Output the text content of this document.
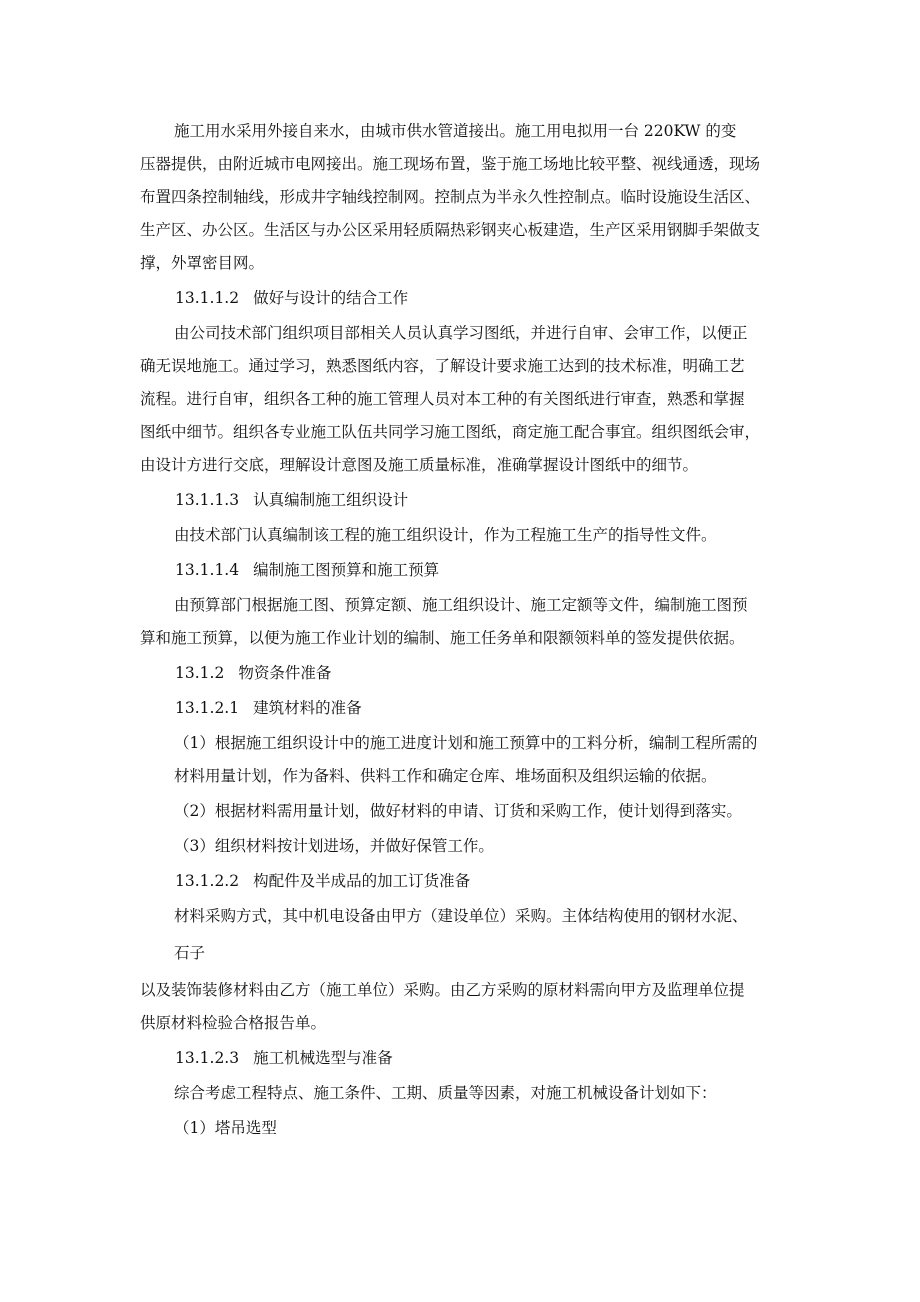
施工用水采用外接自来水，由城市供水管道接出。施工用电拟用一台 220KW 的变
压器提供，由附近城市电网接出。施工现场布置，鉴于施工场地比较平整、视线通透，现场
布置四条控制轴线，形成井字轴线控制网。控制点为半永久性控制点。临时设施设生活区、
生产区、办公区。生活区与办公区采用轻质隔热彩钢夹心板建造，生产区采用钢脚手架做支
撑，外罩密目网。
13.1.1.2 做好与设计的结合工作
由公司技术部门组织项目部相关人员认真学习图纸，并进行自审、会审工作，以便正
确无误地施工。通过学习，熟悉图纸内容，了解设计要求施工达到的技术标准，明确工艺
流程。进行自审，组织各工种的施工管理人员对本工种的有关图纸进行审查，熟悉和掌握
图纸中细节。组织各专业施工队伍共同学习施工图纸，商定施工配合事宜。组织图纸会审，
由设计方进行交底，理解设计意图及施工质量标准，准确掌握设计图纸中的细节。
13.1.1.3 认真编制施工组织设计
由技术部门认真编制该工程的施工组织设计，作为工程施工生产的指导性文件。
13.1.1.4 编制施工图预算和施工预算
由预算部门根据施工图、预算定额、施工组织设计、施工定额等文件，编制施工图预
算和施工预算，以便为施工作业计划的编制、施工任务单和限额领料单的签发提供依据。
13.1.2 物资条件准备
13.1.2.1 建筑材料的准备
（1）根据施工组织设计中的施工进度计划和施工预算中的工料分析，编制工程所需的
材料用量计划，作为备料、供料工作和确定仓库、堆场面积及组织运输的依据。
（2）根据材料需用量计划，做好材料的申请、订货和采购工作，使计划得到落实。
（3）组织材料按计划进场，并做好保管工作。
13.1.2.2 构配件及半成品的加工订货准备
材料采购方式，其中机电设备由甲方（建设单位）采购。主体结构使用的钢材水泥、
石子
以及装饰装修材料由乙方（施工单位）采购。由乙方采购的原材料需向甲方及监理单位提
供原材料检验合格报告单。
13.1.2.3 施工机械选型与准备
综合考虑工程特点、施工条件、工期、质量等因素，对施工机械设备计划如下：
（1）塔吊选型
